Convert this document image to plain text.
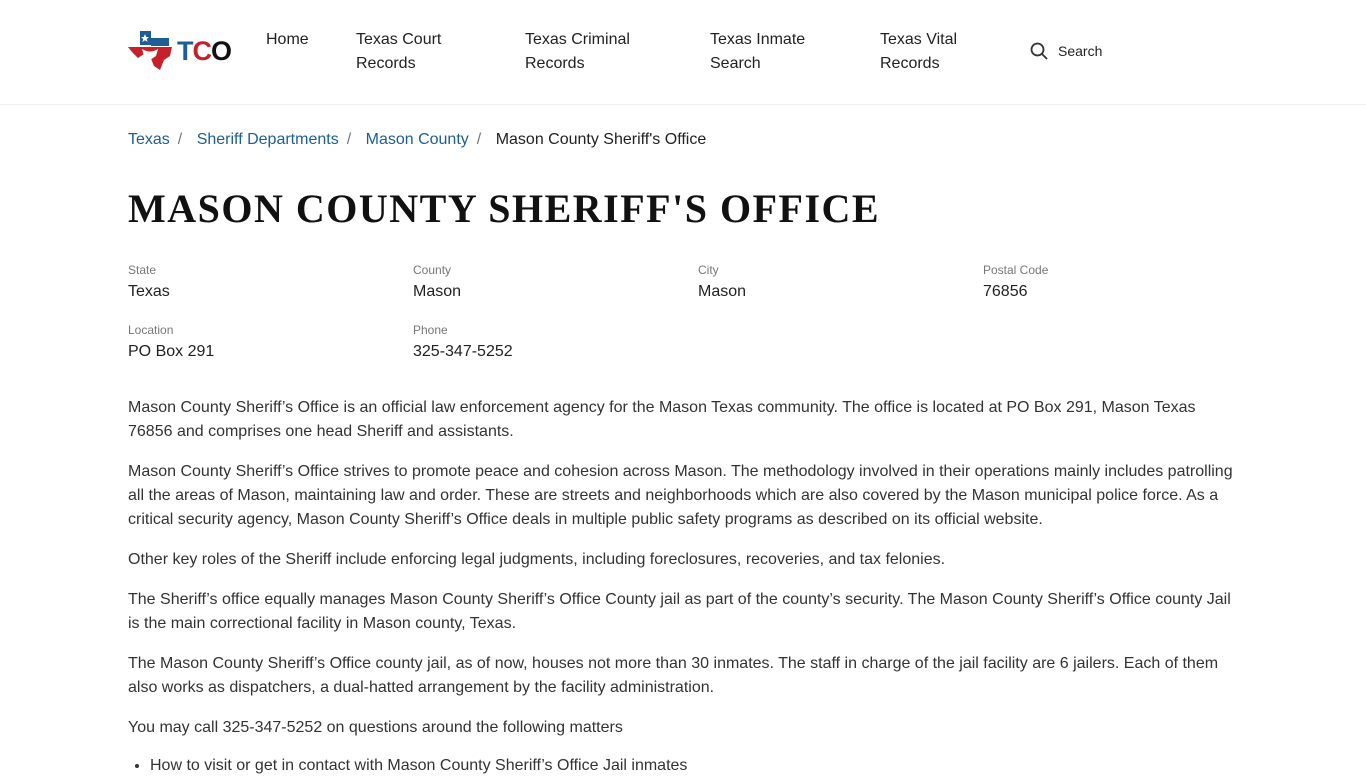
TCO Home	Texas Court Records
Texas Criminal Records
Texas Inmate Search
Texas Vital Records
Search
Texas / Sheriff Departments / Mason County / Mason County Sheriff's Office
MASON COUNTY SHERIFF'S OFFICE
State
Texas
County
Mason
City
Mason
Postal Code
76856
Location
PO Box 291
Phone
325-347-5252

Mason County Sheriff’s Office is an official law enforcement agency for the Mason Texas community. The office is located at PO Box 291, Mason Texas 76856 and comprises one head Sheriff and assistants.

Mason County Sheriff’s Office strives to promote peace and cohesion across Mason. The methodology involved in their operations mainly includes patrolling all the areas of Mason, maintaining law and order. These are streets and neighborhoods which are also covered by the Mason municipal police force. As a critical security agency, Mason County Sheriff’s Office deals in multiple public safety programs as described on its official website.

Other key roles of the Sheriff include enforcing legal judgments, including foreclosures, recoveries, and tax felonies.

The Sheriff’s office equally manages Mason County Sheriff’s Office County jail as part of the county’s security. The Mason County Sheriff’s Office county Jail is the main correctional facility in Mason county, Texas.

The Mason County Sheriff’s Office county jail, as of now, houses not more than 30 inmates. The staff in charge of the jail facility are 6 jailers. Each of them also works as dispatchers, a dual-hatted arrangement by the facility administration.

You may call 325-347-5252 on questions around the following matters

• How to visit or get in contact with Mason County Sheriff’s Office Jail inmates
